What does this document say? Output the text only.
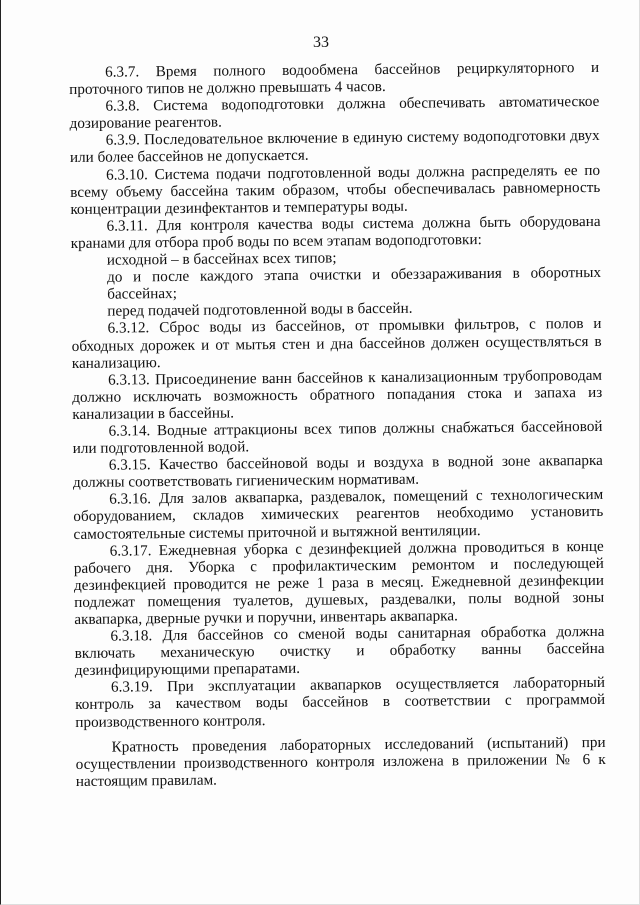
33

6.3.7. Время полного водообмена бассейнов рециркуляторного и проточного типов не должно превышать 4 часов.

6.3.8. Система водоподготовки должна обеспечивать автоматическое дозирование реагентов.

6.3.9. Последовательное включение в единую систему водоподготовки двух или более бассейнов не допускается.

6.3.10. Система подачи подготовленной воды должна распределять ее по всему объему бассейна таким образом, чтобы обеспечивалась равномерность концентрации дезинфектантов и температуры воды.

6.3.11. Для контроля качества воды система должна быть оборудована кранами для отбора проб воды по всем этапам водоподготовки:

исходной – в бассейнах всех типов;

до и после каждого этапа очистки и обеззараживания в оборотных бассейнах;

перед подачей подготовленной воды в бассейн.

6.3.12. Сброс воды из бассейнов, от промывки фильтров, с полов и обходных дорожек и от мытья стен и дна бассейнов должен осуществляться в канализацию.

6.3.13. Присоединение ванн бассейнов к канализационным трубопроводам должно исключать возможность обратного попадания стока и запаха из канализации в бассейны.

6.3.14. Водные аттракционы всех типов должны снабжаться бассейновой или подготовленной водой.

6.3.15. Качество бассейновой воды и воздуха в водной зоне аквапарка должны соответствовать гигиеническим нормативам.

6.3.16. Для залов аквапарка, раздевалок, помещений с технологическим оборудованием, складов химических реагентов необходимо установить самостоятельные системы приточной и вытяжной вентиляции.

6.3.17. Ежедневная уборка с дезинфекцией должна проводиться в конце рабочего дня. Уборка с профилактическим ремонтом и последующей дезинфекцией проводится не реже 1 раза в месяц. Ежедневной дезинфекции подлежат помещения туалетов, душевых, раздевалки, полы водной зоны аквапарка, дверные ручки и поручни, инвентарь аквапарка.

6.3.18. Для бассейнов со сменой воды санитарная обработка должна включать механическую очистку и обработку ванны бассейна дезинфицирующими препаратами.

6.3.19. При эксплуатации аквапарков осуществляется лабораторный контроль за качеством воды бассейнов в соответствии с программой производственного контроля.

Кратность проведения лабораторных исследований (испытаний) при осуществлении производственного контроля изложена в приложении № 6 к настоящим правилам.
